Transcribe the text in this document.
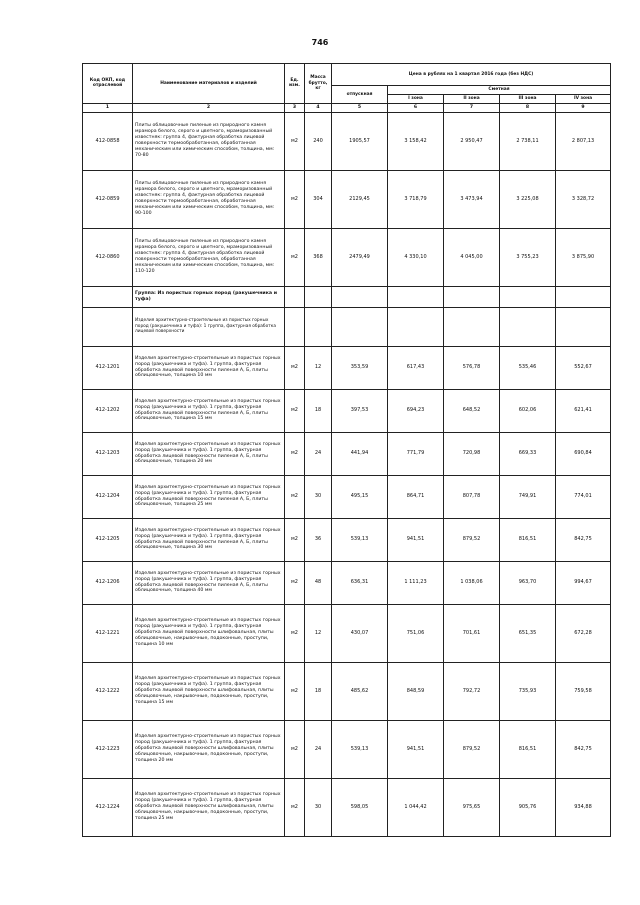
746
Код ОКП, код отраслевой	Наименование материалов и изделий	Ед. изм.	Масса брутто, кг	Цена в рублях на 1 квартал 2016 года (без НДС)				
				отпускная	Сметная			
					I зона	II зона	III зона	IV зона
1	2	3	4	5	6	7	8	9
412-0858	Плиты облицовочные пиленые из природного камня мрамора белого, серого и цветного, мраморизованный известняк: группа 4, фактурная обработка лицевой поверхности термообработанная, обработанная механическим или химическим способом, толщина, мм: 70-80	м2	240	1905,57	3 158,42	2 950,47	2 738,11	2 807,13
412-0859	Плиты облицовочные пиленые из природного камня мрамора белого, серого и цветного, мраморизованный известняк: группа 4, фактурная обработка лицевой поверхности термообработанная, обработанная механическим или химическим способом, толщина, мм: 90-100	м2	304	2129,45	3 718,79	3 473,94	3 225,08	3 328,72
412-0860	Плиты облицовочные пиленые из природного камня мрамора белого, серого и цветного, мраморизованный известняк: группа 4, фактурная обработка лицевой поверхности термообработанная, обработанная механическим или химическим способом, толщина, мм: 110-120	м2	368	2479,49	4 330,10	4 045,00	3 755,23	3 875,90
	Группа: Из пористых горных пород (ракушечника и туфа)							
	Изделия архитектурно-строительные из пористых горных пород (ракушечника и туфа): 1 группа, фактурная обработка лицевой поверхности							
412-1201	Изделия архитектурно-строительные из пористых горных пород (ракушечника и туфа). 1 группа, фактурная обработка лицевой поверхности пиленая А, Б, плиты облицовочные, толщина 10 мм	м2	12	353,59	617,43	576,78	535,46	552,67
412-1202	Изделия архитектурно-строительные из пористых горных пород (ракушечника и туфа). 1 группа, фактурная обработка лицевой поверхности пиленая А, Б, плиты облицовочные, толщина 15 мм	м2	18	397,53	694,23	648,52	602,06	621,41
412-1203	Изделия архитектурно-строительные из пористых горных пород (ракушечника и туфа). 1 группа, фактурная обработка лицевой поверхности пиленая А, Б, плиты облицовочные, толщина 20 мм	м2	24	441,94	771,79	720,98	669,33	690,84
412-1204	Изделия архитектурно-строительные из пористых горных пород (ракушечника и туфа). 1 группа, фактурная обработка лицевой поверхности пиленая А, Б, плиты облицовочные, толщина 25 мм	м2	30	495,15	864,71	807,78	749,91	774,01
412-1205	Изделия архитектурно-строительные из пористых горных пород (ракушечника и туфа). 1 группа, фактурная обработка лицевой поверхности пиленая А, Б, плиты облицовочные, толщина 30 мм	м2	36	539,13	941,51	879,52	816,51	842,75
412-1206	Изделия архитектурно-строительные из пористых горных пород (ракушечника и туфа). 1 группа, фактурная обработка лицевой поверхности пиленая А, Б, плиты облицовочные, толщина 40 мм	м2	48	636,31	1 111,23	1 038,06	963,70	994,67
412-1221	Изделия архитектурно-строительные из пористых горных пород (ракушечника и туфа). 1 группа, фактурная обработка лицевой поверхности шлифовальная, плиты облицовочные, накрывочные, подоконные, проступи, толщина 10 мм	м2	12	430,07	751,06	701,61	651,35	672,28
412-1222	Изделия архитектурно-строительные из пористых горных пород (ракушечника и туфа). 1 группа, фактурная обработка лицевой поверхности шлифовальная, плиты облицовочные, накрывочные, подоконные, проступи, толщина 15 мм	м2	18	485,62	848,59	792,72	735,93	759,58
412-1223	Изделия архитектурно-строительные из пористых горных пород (ракушечника и туфа). 1 группа, фактурная обработка лицевой поверхности шлифовальная, плиты облицовочные, накрывочные, подоконные, проступи, толщина 20 мм	м2	24	539,13	941,51	879,52	816,51	842,75
412-1224	Изделия архитектурно-строительные из пористых горных пород (ракушечника и туфа). 1 группа, фактурная обработка лицевой поверхности шлифовальная, плиты облицовочные, накрывочные, подоконные, проступи, толщина 25 мм	м2	30	598,05	1 044,42	975,65	905,76	934,88
